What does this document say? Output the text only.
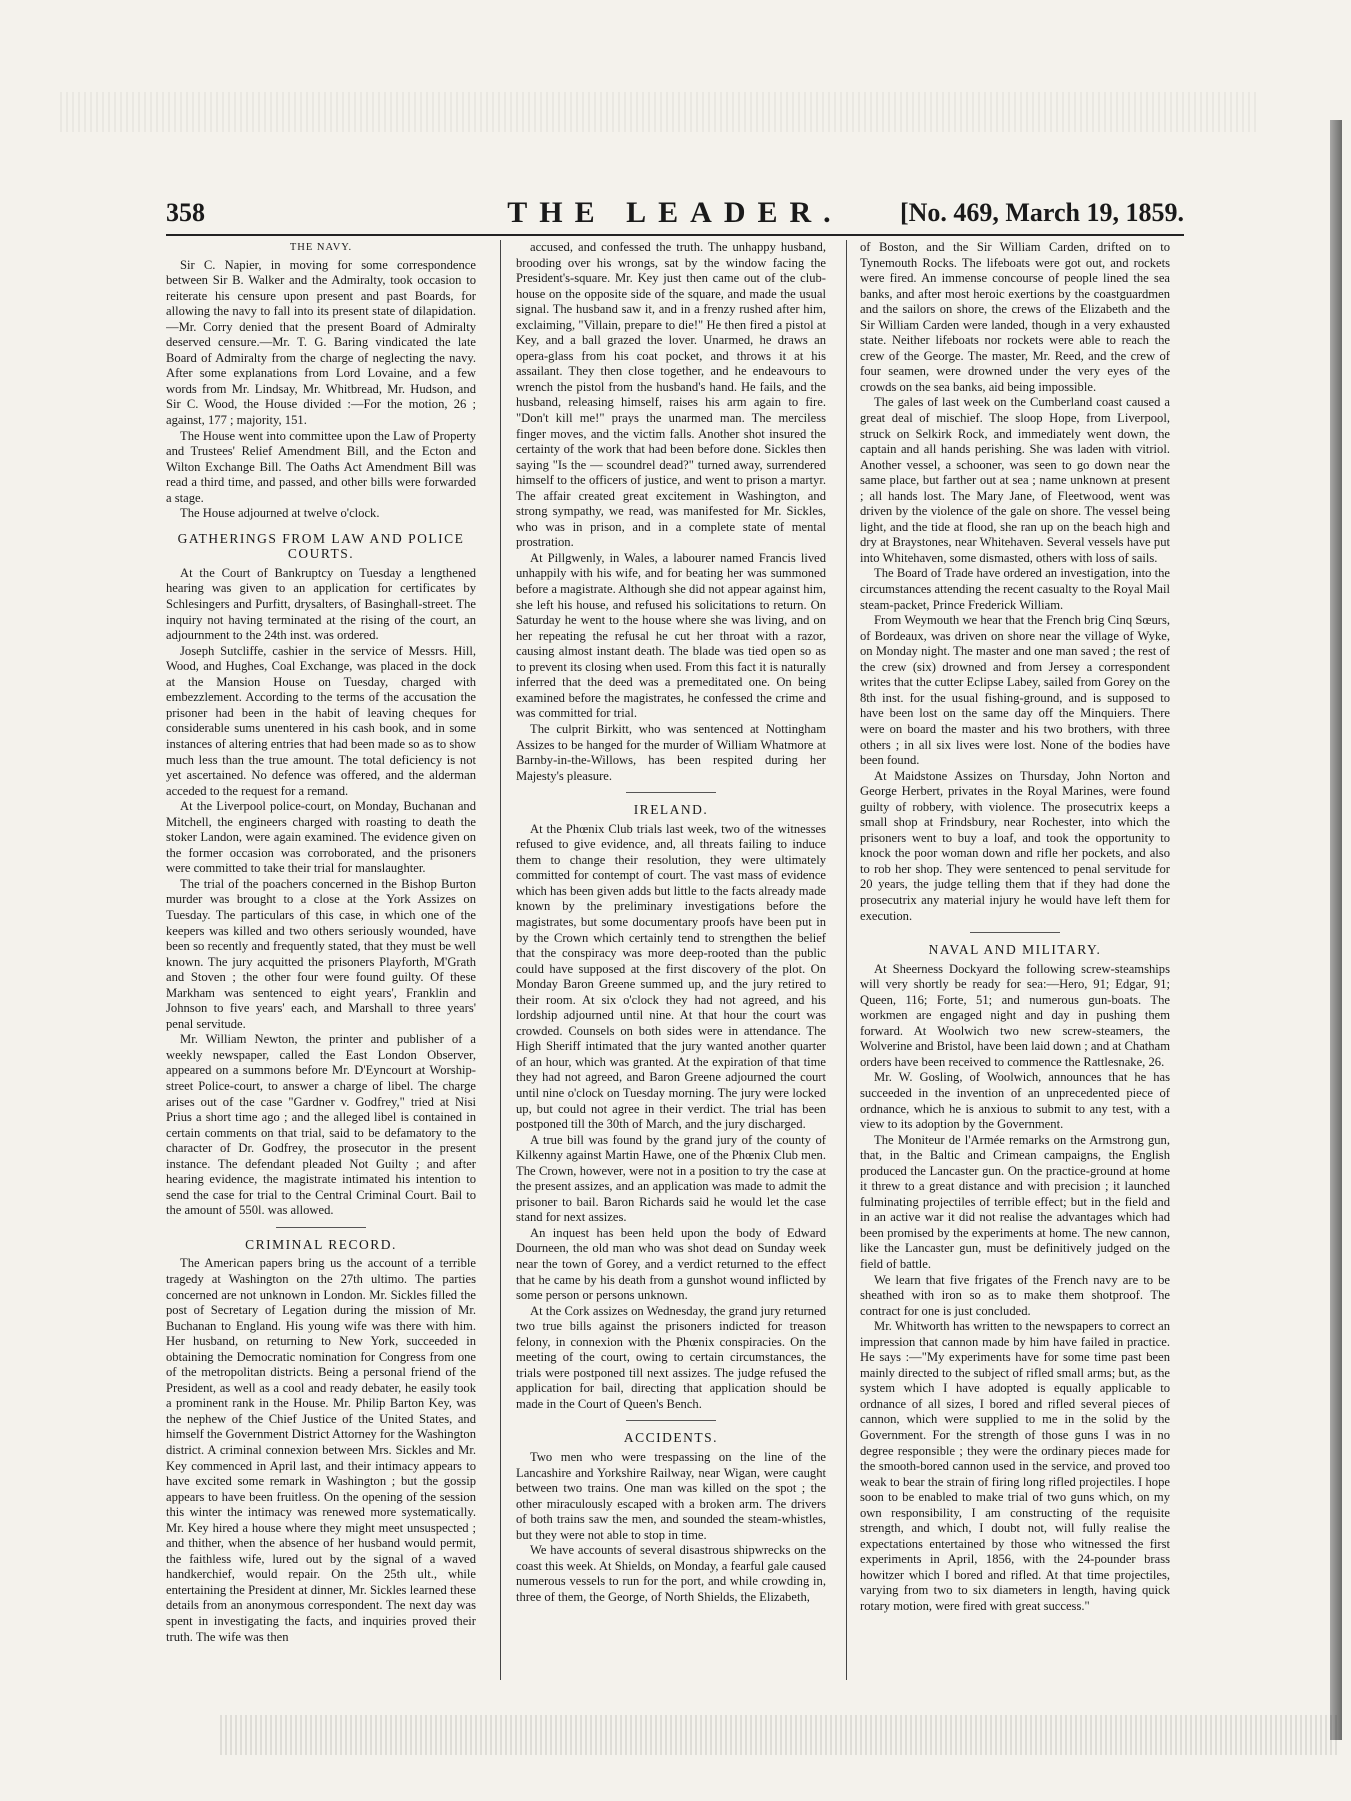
358	THE LEADER.	[No. 469, March 19, 1859.
THE NAVY.

Sir C. Napier, in moving for some correspondence between Sir B. Walker and the Admiralty, took occasion to reiterate his censure upon present and past Boards, for allowing the navy to fall into its present state of dilapidation.—Mr. Corry denied that the present Board of Admiralty deserved censure.—Mr. T. G. Baring vindicated the late Board of Admiralty from the charge of neglecting the navy. After some explanations from Lord Lovaine, and a few words from Mr. Lindsay, Mr. Whitbread, Mr. Hudson, and Sir C. Wood, the House divided :—For the motion, 26 ; against, 177 ; majority, 151.

The House went into committee upon the Law of Property and Trustees' Relief Amendment Bill, and the Ecton and Wilton Exchange Bill. The Oaths Act Amendment Bill was read a third time, and passed, and other bills were forwarded a stage.

The House adjourned at twelve o'clock.

GATHERINGS FROM LAW AND POLICE COURTS.

At the Court of Bankruptcy on Tuesday a lengthened hearing was given to an application for certificates by Schlesingers and Purfitt, drysalters, of Basinghall-street. The inquiry not having terminated at the rising of the court, an adjournment to the 24th inst. was ordered.

Joseph Sutcliffe, cashier in the service of Messrs. Hill, Wood, and Hughes, Coal Exchange, was placed in the dock at the Mansion House on Tuesday, charged with embezzlement. According to the terms of the accusation the prisoner had been in the habit of leaving cheques for considerable sums unentered in his cash book, and in some instances of altering entries that had been made so as to show much less than the true amount. The total deficiency is not yet ascertained. No defence was offered, and the alderman acceded to the request for a remand.

At the Liverpool police-court, on Monday, Buchanan and Mitchell, the engineers charged with roasting to death the stoker Landon, were again examined. The evidence given on the former occasion was corroborated, and the prisoners were committed to take their trial for manslaughter.

The trial of the poachers concerned in the Bishop Burton murder was brought to a close at the York Assizes on Tuesday. The particulars of this case, in which one of the keepers was killed and two others seriously wounded, have been so recently and frequently stated, that they must be well known. The jury acquitted the prisoners Playforth, M'Grath and Stoven ; the other four were found guilty. Of these Markham was sentenced to eight years', Franklin and Johnson to five years' each, and Marshall to three years' penal servitude.

Mr. William Newton, the printer and publisher of a weekly newspaper, called the East London Observer, appeared on a summons before Mr. D'Eyncourt at Worship-street Police-court, to answer a charge of libel. The charge arises out of the case "Gardner v. Godfrey," tried at Nisi Prius a short time ago ; and the alleged libel is contained in certain comments on that trial, said to be defamatory to the character of Dr. Godfrey, the prosecutor in the present instance. The defendant pleaded Not Guilty ; and after hearing evidence, the magistrate intimated his intention to send the case for trial to the Central Criminal Court. Bail to the amount of 550l. was allowed.

CRIMINAL RECORD.

The American papers bring us the account of a terrible tragedy at Washington on the 27th ultimo. The parties concerned are not unknown in London. Mr. Sickles filled the post of Secretary of Legation during the mission of Mr. Buchanan to England. His young wife was there with him. Her husband, on returning to New York, succeeded in obtaining the Democratic nomination for Congress from one of the metropolitan districts. Being a personal friend of the President, as well as a cool and ready debater, he easily took a prominent rank in the House. Mr. Philip Barton Key, was the nephew of the Chief Justice of the United States, and himself the Government District Attorney for the Washington district. A criminal connexion between Mrs. Sickles and Mr. Key commenced in April last, and their intimacy appears to have excited some remark in Washington ; but the gossip appears to have been fruitless. On the opening of the session this winter the intimacy was renewed more systematically. Mr. Key hired a house where they might meet unsuspected ; and thither, when the absence of her husband would permit, the faithless wife, lured out by the signal of a waved handkerchief, would repair. On the 25th ult., while entertaining the President at dinner, Mr. Sickles learned these details from an anonymous correspondent. The next day was spent in investigating the facts, and inquiries proved their truth. The wife was then

accused, and confessed the truth. The unhappy husband, brooding over his wrongs, sat by the window facing the President's-square. Mr. Key just then came out of the club-house on the opposite side of the square, and made the usual signal. The husband saw it, and in a frenzy rushed after him, exclaiming, "Villain, prepare to die!" He then fired a pistol at Key, and a ball grazed the lover. Unarmed, he draws an opera-glass from his coat pocket, and throws it at his assailant. They then close together, and he endeavours to wrench the pistol from the husband's hand. He fails, and the husband, releasing himself, raises his arm again to fire. "Don't kill me!" prays the unarmed man. The merciless finger moves, and the victim falls. Another shot insured the certainty of the work that had been before done. Sickles then saying "Is the — scoundrel dead?" turned away, surrendered himself to the officers of justice, and went to prison a martyr. The affair created great excitement in Washington, and strong sympathy, we read, was manifested for Mr. Sickles, who was in prison, and in a complete state of mental prostration.

At Pillgwenly, in Wales, a labourer named Francis lived unhappily with his wife, and for beating her was summoned before a magistrate. Although she did not appear against him, she left his house, and refused his solicitations to return. On Saturday he went to the house where she was living, and on her repeating the refusal he cut her throat with a razor, causing almost instant death. The blade was tied open so as to prevent its closing when used. From this fact it is naturally inferred that the deed was a premeditated one. On being examined before the magistrates, he confessed the crime and was committed for trial.

The culprit Birkitt, who was sentenced at Nottingham Assizes to be hanged for the murder of William Whatmore at Barnby-in-the-Willows, has been respited during her Majesty's pleasure.

IRELAND.

At the Phœnix Club trials last week, two of the witnesses refused to give evidence, and, all threats failing to induce them to change their resolution, they were ultimately committed for contempt of court. The vast mass of evidence which has been given adds but little to the facts already made known by the preliminary investigations before the magistrates, but some documentary proofs have been put in by the Crown which certainly tend to strengthen the belief that the conspiracy was more deep-rooted than the public could have supposed at the first discovery of the plot. On Monday Baron Greene summed up, and the jury retired to their room. At six o'clock they had not agreed, and his lordship adjourned until nine. At that hour the court was crowded. Counsels on both sides were in attendance. The High Sheriff intimated that the jury wanted another quarter of an hour, which was granted. At the expiration of that time they had not agreed, and Baron Greene adjourned the court until nine o'clock on Tuesday morning. The jury were locked up, but could not agree in their verdict. The trial has been postponed till the 30th of March, and the jury discharged.

A true bill was found by the grand jury of the county of Kilkenny against Martin Hawe, one of the Phœnix Club men. The Crown, however, were not in a position to try the case at the present assizes, and an application was made to admit the prisoner to bail. Baron Richards said he would let the case stand for next assizes.

An inquest has been held upon the body of Edward Dourneen, the old man who was shot dead on Sunday week near the town of Gorey, and a verdict returned to the effect that he came by his death from a gunshot wound inflicted by some person or persons unknown.

At the Cork assizes on Wednesday, the grand jury returned two true bills against the prisoners indicted for treason felony, in connexion with the Phœnix conspiracies. On the meeting of the court, owing to certain circumstances, the trials were postponed till next assizes. The judge refused the application for bail, directing that application should be made in the Court of Queen's Bench.

ACCIDENTS.

Two men who were trespassing on the line of the Lancashire and Yorkshire Railway, near Wigan, were caught between two trains. One man was killed on the spot ; the other miraculously escaped with a broken arm. The drivers of both trains saw the men, and sounded the steam-whistles, but they were not able to stop in time.

We have accounts of several disastrous shipwrecks on the coast this week. At Shields, on Monday, a fearful gale caused numerous vessels to run for the port, and while crowding in, three of them, the George, of North Shields, the Elizabeth,

of Boston, and the Sir William Carden, drifted on to Tynemouth Rocks. The lifeboats were got out, and rockets were fired. An immense concourse of people lined the sea banks, and after most heroic exertions by the coastguardmen and the sailors on shore, the crews of the Elizabeth and the Sir William Carden were landed, though in a very exhausted state. Neither lifeboats nor rockets were able to reach the crew of the George. The master, Mr. Reed, and the crew of four seamen, were drowned under the very eyes of the crowds on the sea banks, aid being impossible.

The gales of last week on the Cumberland coast caused a great deal of mischief. The sloop Hope, from Liverpool, struck on Selkirk Rock, and immediately went down, the captain and all hands perishing. She was laden with vitriol. Another vessel, a schooner, was seen to go down near the same place, but farther out at sea ; name unknown at present ; all hands lost. The Mary Jane, of Fleetwood, went was driven by the violence of the gale on shore. The vessel being light, and the tide at flood, she ran up on the beach high and dry at Braystones, near Whitehaven. Several vessels have put into Whitehaven, some dismasted, others with loss of sails.

The Board of Trade have ordered an investigation, into the circumstances attending the recent casualty to the Royal Mail steam-packet, Prince Frederick William.

From Weymouth we hear that the French brig Cinq Sœurs, of Bordeaux, was driven on shore near the village of Wyke, on Monday night. The master and one man saved ; the rest of the crew (six) drowned and from Jersey a correspondent writes that the cutter Eclipse Labey, sailed from Gorey on the 8th inst. for the usual fishing-ground, and is supposed to have been lost on the same day off the Minquiers. There were on board the master and his two brothers, with three others ; in all six lives were lost. None of the bodies have been found.

At Maidstone Assizes on Thursday, John Norton and George Herbert, privates in the Royal Marines, were found guilty of robbery, with violence. The prosecutrix keeps a small shop at Frindsbury, near Rochester, into which the prisoners went to buy a loaf, and took the opportunity to knock the poor woman down and rifle her pockets, and also to rob her shop. They were sentenced to penal servitude for 20 years, the judge telling them that if they had done the prosecutrix any material injury he would have left them for execution.

NAVAL AND MILITARY.

At Sheerness Dockyard the following screw-steamships will very shortly be ready for sea:—Hero, 91; Edgar, 91; Queen, 116; Forte, 51; and numerous gun-boats. The workmen are engaged night and day in pushing them forward. At Woolwich two new screw-steamers, the Wolverine and Bristol, have been laid down ; and at Chatham orders have been received to commence the Rattlesnake, 26.

Mr. W. Gosling, of Woolwich, announces that he has succeeded in the invention of an unprecedented piece of ordnance, which he is anxious to submit to any test, with a view to its adoption by the Government.

The Moniteur de l'Armée remarks on the Armstrong gun, that, in the Baltic and Crimean campaigns, the English produced the Lancaster gun. On the practice-ground at home it threw to a great distance and with precision ; it launched fulminating projectiles of terrible effect; but in the field and in an active war it did not realise the advantages which had been promised by the experiments at home. The new cannon, like the Lancaster gun, must be definitively judged on the field of battle.

We learn that five frigates of the French navy are to be sheathed with iron so as to make them shotproof. The contract for one is just concluded.

Mr. Whitworth has written to the newspapers to correct an impression that cannon made by him have failed in practice. He says :—"My experiments have for some time past been mainly directed to the subject of rifled small arms; but, as the system which I have adopted is equally applicable to ordnance of all sizes, I bored and rifled several pieces of cannon, which were supplied to me in the solid by the Government. For the strength of those guns I was in no degree responsible ; they were the ordinary pieces made for the smooth-bored cannon used in the service, and proved too weak to bear the strain of firing long rifled projectiles. I hope soon to be enabled to make trial of two guns which, on my own responsibility, I am constructing of the requisite strength, and which, I doubt not, will fully realise the expectations entertained by those who witnessed the first experiments in April, 1856, with the 24-pounder brass howitzer which I bored and rifled. At that time projectiles, varying from two to six diameters in length, having quick rotary motion, were fired with great success."
